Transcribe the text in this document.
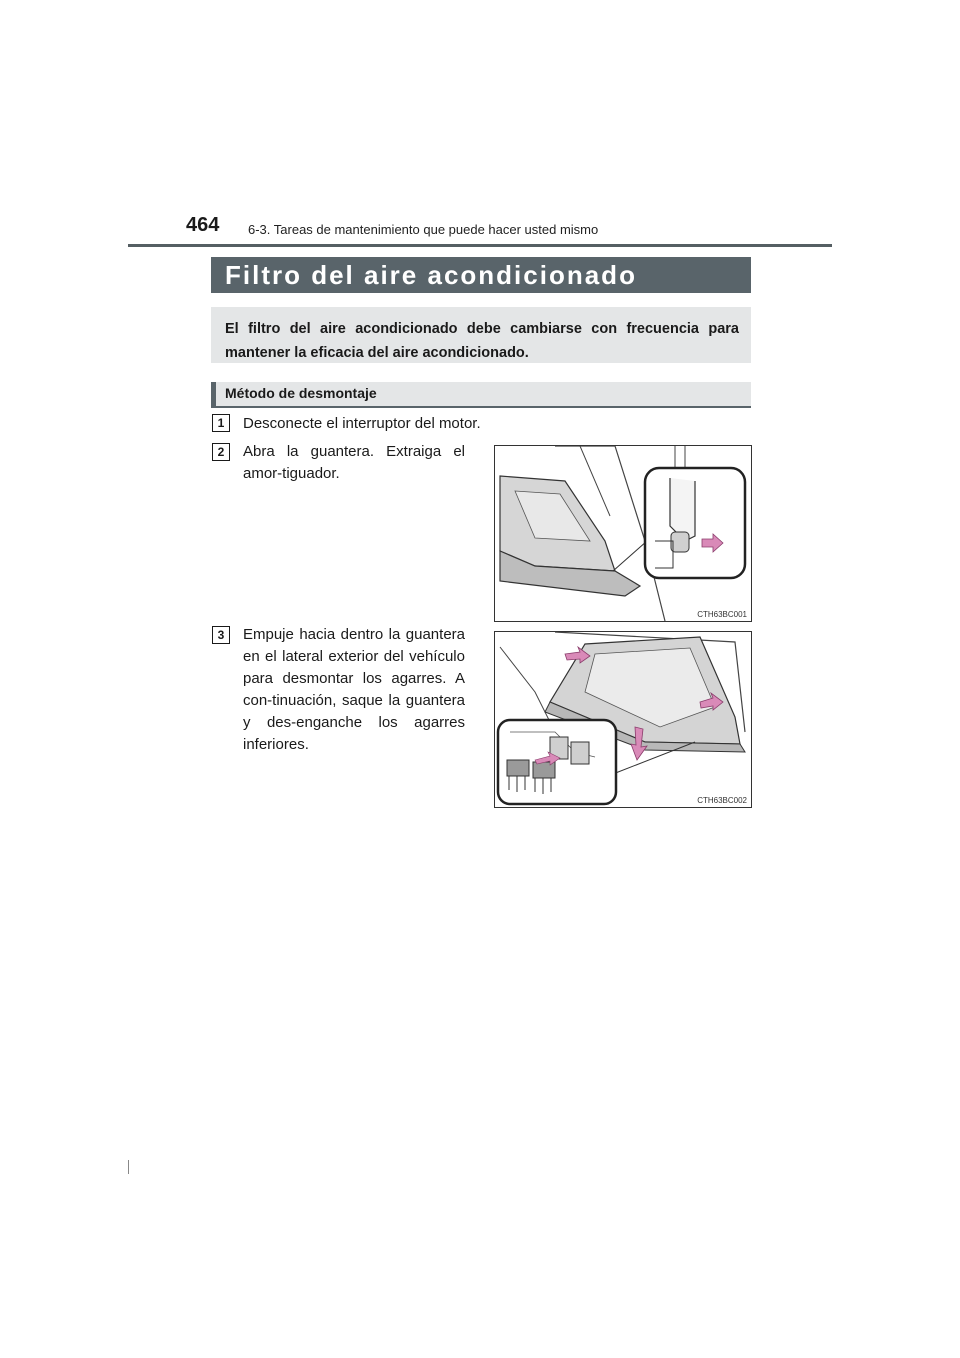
464 6-3. Tareas de mantenimiento que puede hacer usted mismo
Filtro del aire acondicionado
El filtro del aire acondicionado debe cambiarse con frecuencia para mantener la eficacia del aire acondicionado.
Método de desmontaje
1	Desconecte el interruptor del motor.
2	Abra la guantera. Extraiga el amor-tiguador.
CTH63BC001
3	Empuje hacia dentro la guantera en el lateral exterior del vehículo para desmontar los agarres. A con-tinuación, saque la guantera y des-enganche los agarres inferiores.
CTH63BC002
